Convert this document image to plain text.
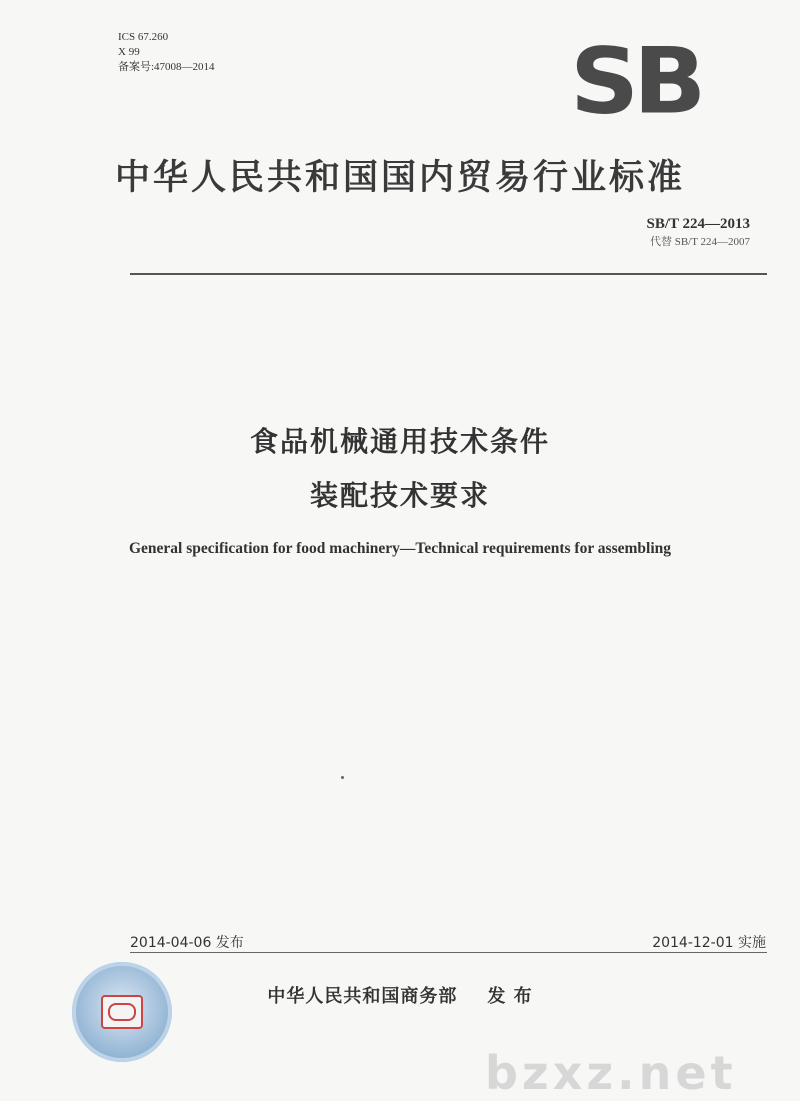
ICS 67.260
X 99
备案号:47008—2014	SB
中华人民共和国国内贸易行业标准
SB/T 224—2013
代替 SB/T 224—2007
食品机械通用技术条件
装配技术要求
General specification for food machinery—Technical requirements for assembling
2014-04-06 发布	2014-12-01 实施
中华人民共和国商务部 发 布
bzxz.net
